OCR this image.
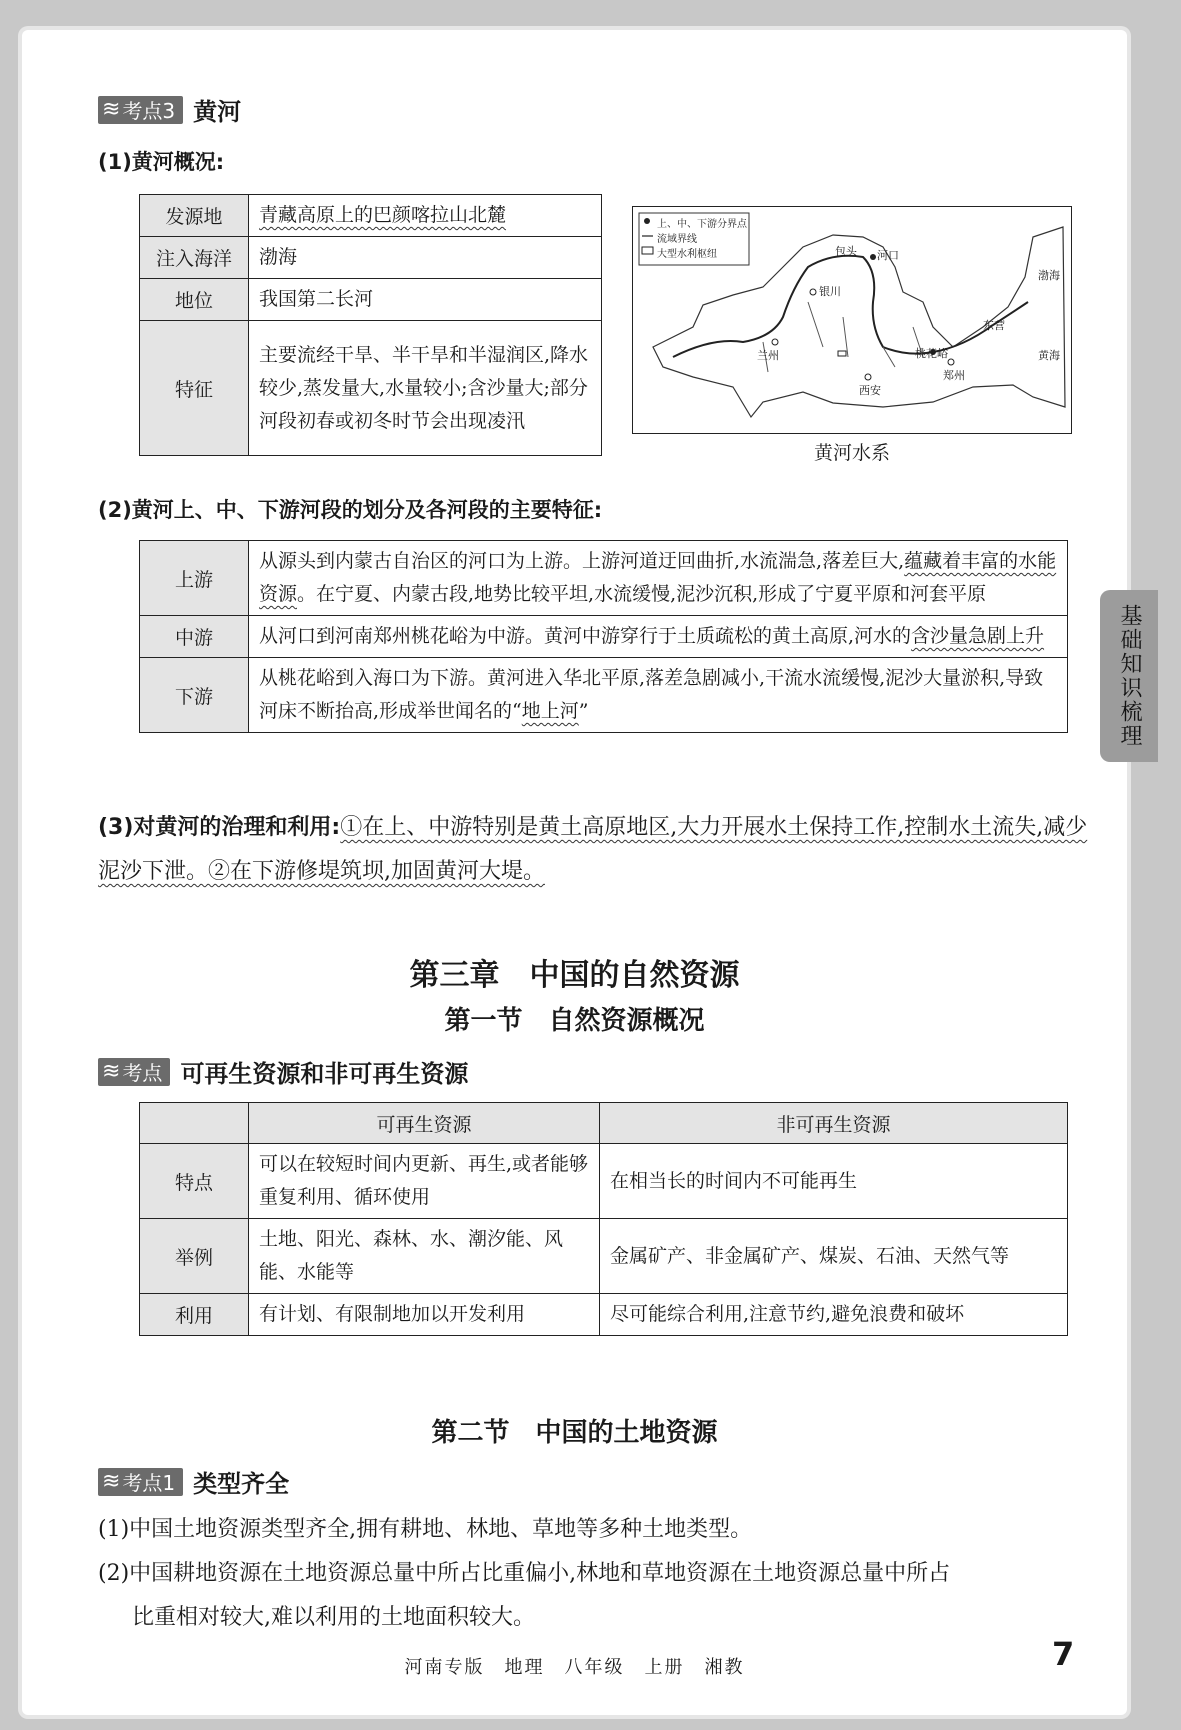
≋ 考点3 黄河
(1)黄河概况:
发源地	青藏高原上的巴颜喀拉山北麓
注入海洋	渤海
地位	我国第二长河
特征	主要流经干旱、半干旱和半湿润区,降水较少,蒸发量大,水量较小;含沙量大;部分河段初春或初冬时节会出现凌汛
上、中、下游分界点
流域界线
大型水利枢纽	河口
银川
兰州
西安
郑州
桃花峪
渤海
黄海
东营
包头
黄河水系
(2)黄河上、中、下游河段的划分及各河段的主要特征:
上游	从源头到内蒙古自治区的河口为上游。上游河道迂回曲折,水流湍急,落差巨大,蕴藏着丰富的水能资源。在宁夏、内蒙古段,地势比较平坦,水流缓慢,泥沙沉积,形成了宁夏平原和河套平原
中游	从河口到河南郑州桃花峪为中游。黄河中游穿行于土质疏松的黄土高原,河水的含沙量急剧上升
下游	从桃花峪到入海口为下游。黄河进入华北平原,落差急剧减小,干流水流缓慢,泥沙大量淤积,导致河床不断抬高,形成举世闻名的“地上河”
(3)对黄河的治理和利用:①在上、中游特别是黄土高原地区,大力开展水土保持工作,控制水土流失,减少泥沙下泄。②在下游修堤筑坝,加固黄河大堤。
第三章　中国的自然资源
第一节　自然资源概况
≋ 考点 可再生资源和非可再生资源
	可再生资源	非可再生资源
特点	可以在较短时间内更新、再生,或者能够重复利用、循环使用	在相当长的时间内不可能再生
举例	土地、阳光、森林、水、潮汐能、风能、水能等	金属矿产、非金属矿产、煤炭、石油、天然气等
利用	有计划、有限制地加以开发利用	尽可能综合利用,注意节约,避免浪费和破坏
第二节　中国的土地资源
≋ 考点1 类型齐全
(1)中国土地资源类型齐全,拥有耕地、林地、草地等多种土地类型。
(2)中国耕地资源在土地资源总量中所占比重偏小,林地和草地资源在土地资源总量中所占
比重相对较大,难以利用的土地面积较大。
河南专版　地理　八年级　上册　湘教	7
基础知识梳理
